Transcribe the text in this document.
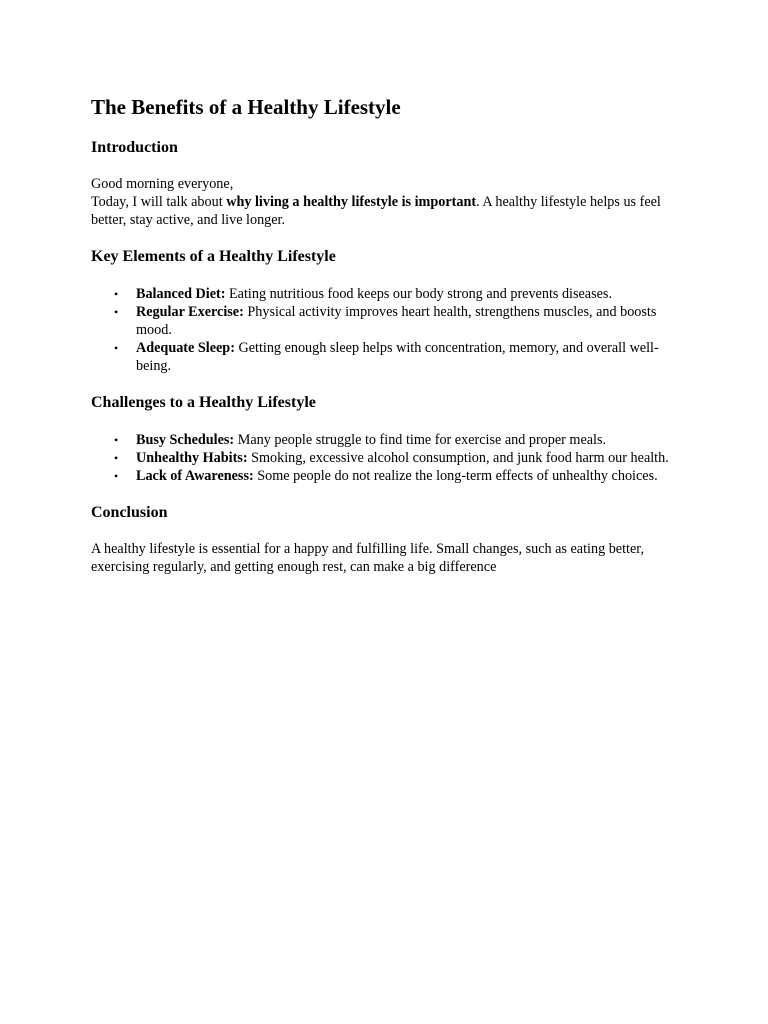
The Benefits of a Healthy Lifestyle
Introduction

Good morning everyone,
Today, I will talk about why living a healthy lifestyle is important. A healthy lifestyle helps us feel better, stay active, and live longer.

Key Elements of a Healthy Lifestyle
• Balanced Diet: Eating nutritious food keeps our body strong and prevents diseases.
• Regular Exercise: Physical activity improves heart health, strengthens muscles, and boosts mood.
• Adequate Sleep: Getting enough sleep helps with concentration, memory, and overall well-being.
Challenges to a Healthy Lifestyle
• Busy Schedules: Many people struggle to find time for exercise and proper meals.
• Unhealthy Habits: Smoking, excessive alcohol consumption, and junk food harm our health.
• Lack of Awareness: Some people do not realize the long-term effects of unhealthy choices.
Conclusion

A healthy lifestyle is essential for a happy and fulfilling life. Small changes, such as eating better, exercising regularly, and getting enough rest, can make a big difference
